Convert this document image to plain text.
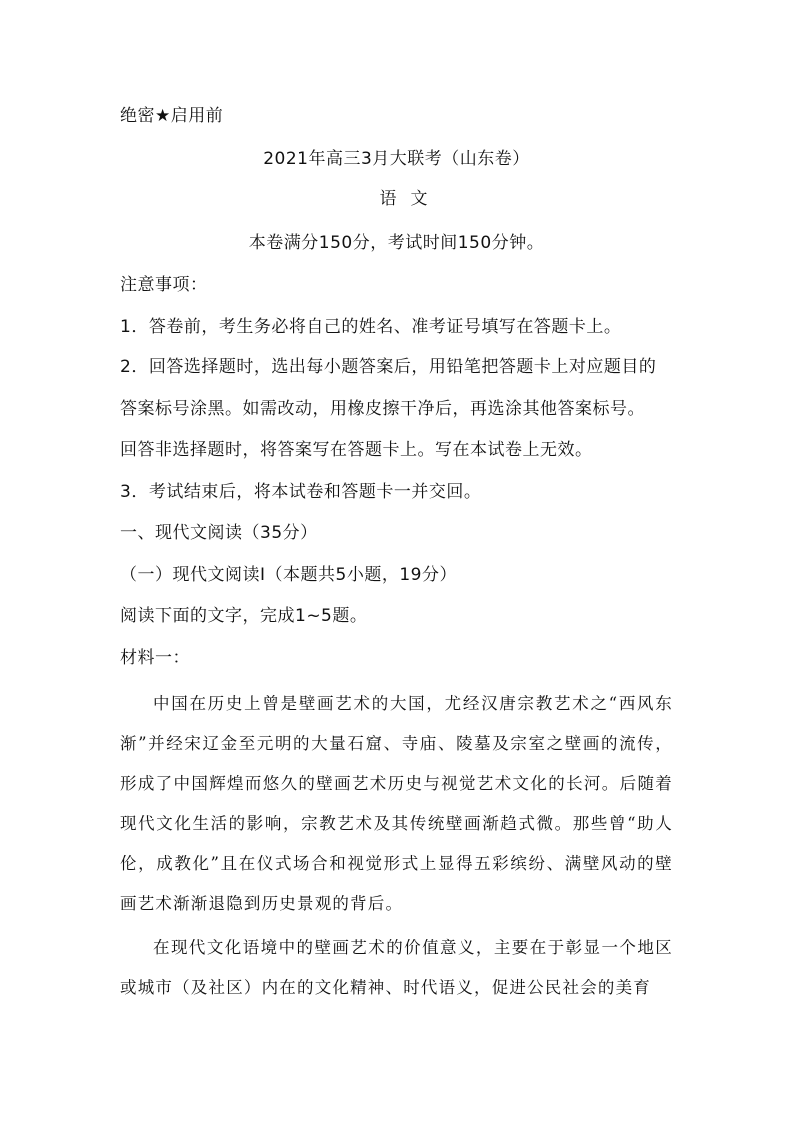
绝密★启用前
2021年高三3月大联考（山东卷）
语文
本卷满分150分，考试时间150分钟。
注意事项：
1．答卷前，考生务必将自己的姓名、准考证号填写在答题卡上。
2．回答选择题时，选出每小题答案后，用铅笔把答题卡上对应题目的
答案标号涂黑。如需改动，用橡皮擦干净后，再选涂其他答案标号。
回答非选择题时，将答案写在答题卡上。写在本试卷上无效。
3．考试结束后，将本试卷和答题卡一并交回。
一、现代文阅读（35分）
（一）现代文阅读Ⅰ（本题共5小题，19分）
阅读下面的文字，完成1~5题。
材料一：
中国在历史上曾是壁画艺术的大国，尤经汉唐宗教艺术之“西风东渐”并经宋辽金至元明的大量石窟、寺庙、陵墓及宗室之壁画的流传，形成了中国辉煌而悠久的壁画艺术历史与视觉艺术文化的长河。后随着现代文化生活的影响，宗教艺术及其传统壁画渐趋式微。那些曾“助人伦，成教化”且在仪式场合和视觉形式上显得五彩缤纷、满壁风动的壁画艺术渐渐退隐到历史景观的背后。
在现代文化语境中的壁画艺术的价值意义，主要在于彰显一个地区或城市（及社区）内在的文化精神、时代语义，促进公民社会的美育
